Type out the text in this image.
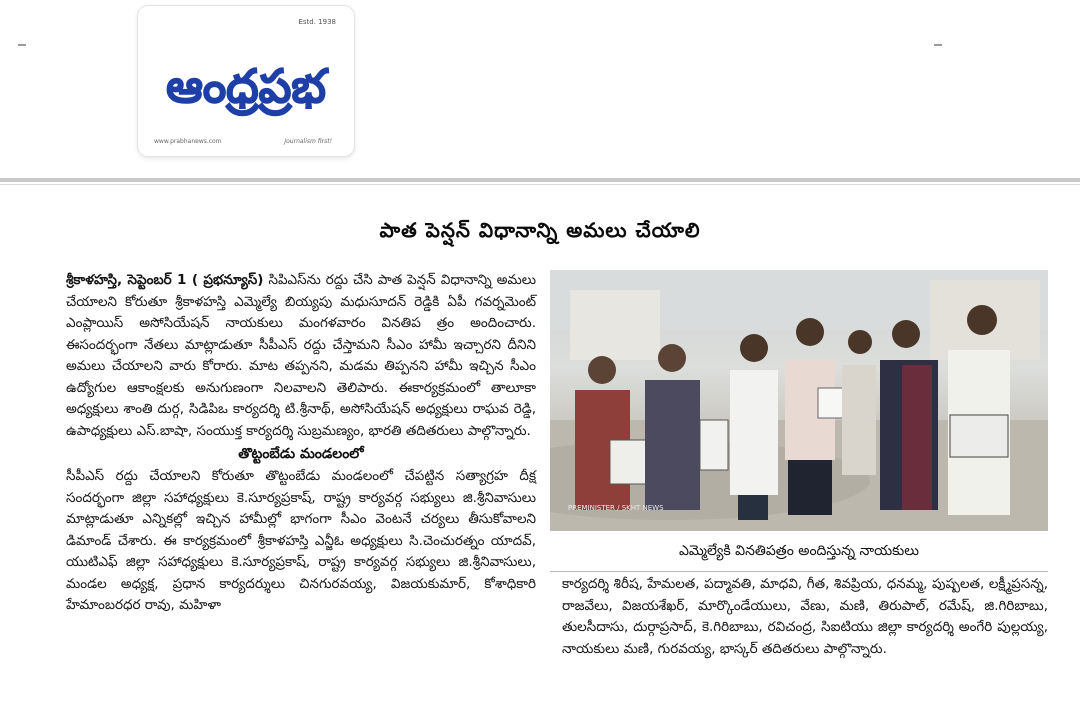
Estd. 1938
ఆంధ్రప్రభ
www.prabhanews.com	Journalism first!
పాత పెన్షన్ విధానాన్ని అమలు చేయాలి

శ్రీకాళహస్తి, సెప్టెంబర్ 1 ( ప్రభన్యూస్) సిపిఎస్‌ను రద్దు చేసి పాత పెన్షన్ విధానాన్ని అమలు చేయాలని కోరుతూ శ్రీకాళహస్తి ఎమ్మెల్యే బియ్యపు మధుసూదన్ రెడ్డికి ఏపీ గవర్నమెంట్ ఎంప్లాయిస్ అసోసియేషన్ నాయకులు మంగళవారం వినతిప త్రం అందించారు. ఈసందర్భంగా నేతలు మాట్లాడుతూ సీపీఎస్ రద్దు చేస్తామని సీఎం హామీ ఇచ్చారని దీనిని అమలు చేయాలని వారు కోరారు. మాట తప్పనని, మడమ తిప్పనని హామీ ఇచ్చిన సీఎం ఉద్యోగుల ఆకాంక్షలకు అనుగుణంగా నిలవాలని తెలిపారు. ఈకార్యక్రమంలో తాలూకా అధ్యక్షులు శాంతి దుర్గ, సిడిపిఒ కార్యదర్శి టి.శ్రీనాథ్, అసోసియేషన్ అధ్యక్షులు రాఘవ రెడ్డి, ఉపాధ్యక్షులు ఎస్.బాషా, సంయుక్త కార్యదర్శి సుబ్రమణ్యం, భారతి తదితరులు పాల్గొన్నారు.

తొట్టంబేడు మండలంలో

సీపీఎస్ రద్దు చేయాలని కోరుతూ తొట్టంబేడు మండలంలో చేపట్టిన సత్యాగ్రహ దీక్ష సందర్భంగా జిల్లా సహాధ్యక్షులు కె.సూర్యప్రకాష్, రాష్ట్ర కార్యవర్గ సభ్యులు జి.శ్రీనివాసులు మాట్లాడుతూ ఎన్నికల్లో ఇచ్చిన హామీల్లో భాగంగా సీఎం వెంటనే చర్యలు తీసుకోవాలని డిమాండ్ చేశారు. ఈ కార్యక్రమంలో శ్రీకాళహస్తి ఎన్జీఓ అధ్యక్షులు సి.చెంచురత్నం యాదవ్, యుటిఎఫ్ జిల్లా సహాధ్యక్షులు కె.సూర్యప్రకాష్, రాష్ట్ర కార్యవర్గ సభ్యులు జి.శ్రీనివాసులు, మండల అధ్యక్ష, ప్రధాన కార్యదర్శులు చినగురవయ్య, విజయకుమార్, కోశాధికారి హేమాంబరధర రావు, మహిళా

PREMINISTER / SKHT NEWS
ఎమ్మెల్యేకి వినతిపత్రం అందిస్తున్న నాయకులు

కార్యదర్శి శిరీష, హేమలత, పద్మావతి, మాధవి, గీత, శివప్రియ, ధనమ్మ, పుష్పలత, లక్ష్మీప్రసన్న, రాజవేలు, విజయశేఖర్, మార్కొండేయులు, వేణు, మణి, తిరుపాల్, రమేష్, జి.గిరిబాబు, తులసీదాసు, దుర్గాప్రసాద్, కె.గిరిబాబు, రవిచంద్ర, సిఐటియు జిల్లా కార్యదర్శి అంగేరి పుల్లయ్య, నాయకులు మణి, గురవయ్య, భాస్కర్ తదితరులు పాల్గొన్నారు.
